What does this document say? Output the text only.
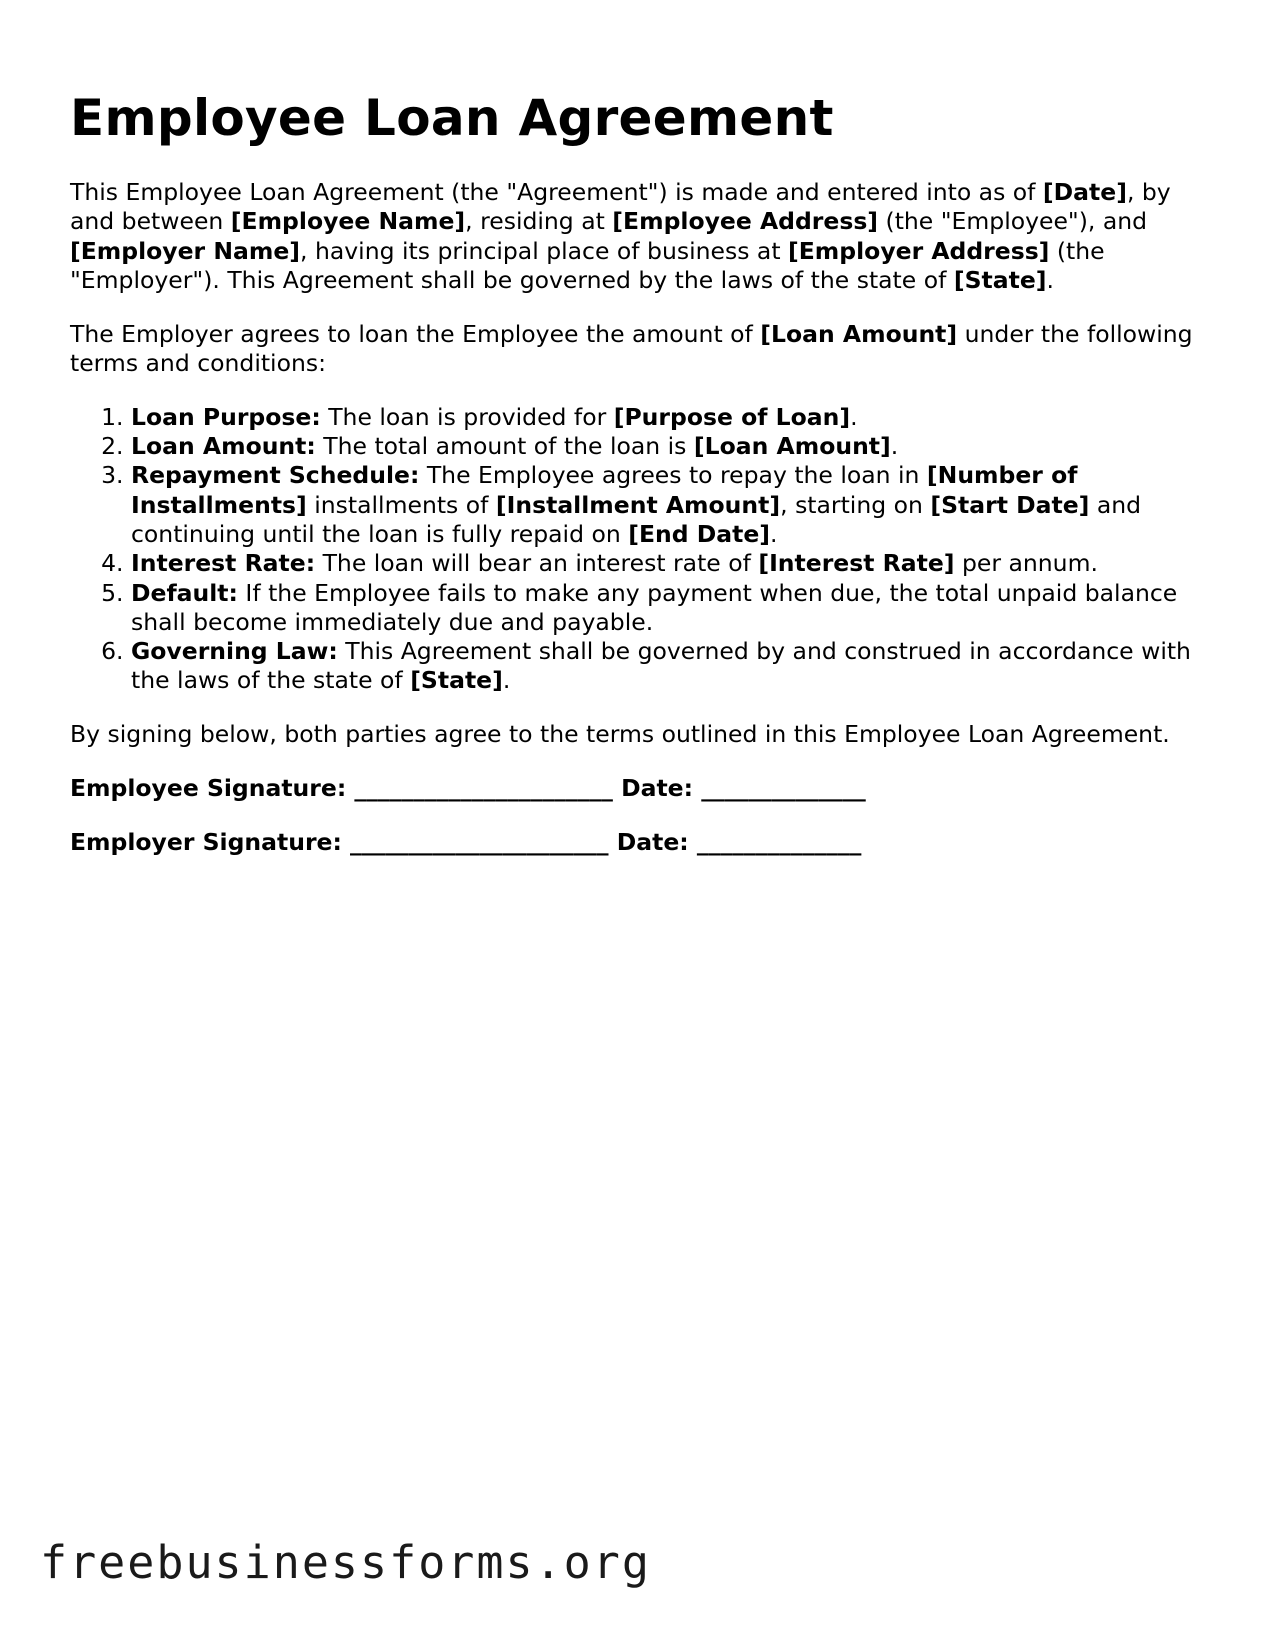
Employee Loan Agreement

This Employee Loan Agreement (the "Agreement") is made and entered into as of [Date], by and between [Employee Name], residing at [Employee Address] (the "Employee"), and [Employer Name], having its principal place of business at [Employer Address] (the "Employer"). This Agreement shall be governed by the laws of the state of [State].

The Employer agrees to loan the Employee the amount of [Loan Amount] under the following terms and conditions:

1. Loan Purpose: The loan is provided for [Purpose of Loan].
2. Loan Amount: The total amount of the loan is [Loan Amount].
3. Repayment Schedule: The Employee agrees to repay the loan in [Number of Installments] installments of [Installment Amount], starting on [Start Date] and continuing until the loan is fully repaid on [End Date].
4. Interest Rate: The loan will bear an interest rate of [Interest Rate] per annum.
5. Default: If the Employee fails to make any payment when due, the total unpaid balance shall become immediately due and payable.
6. Governing Law: This Agreement shall be governed by and construed in accordance with the laws of the state of [State].

By signing below, both parties agree to the terms outlined in this Employee Loan Agreement.

Employee Signature: ______________________ Date: ______________
Employer Signature: ______________________ Date: ______________
freebusinessforms.org
